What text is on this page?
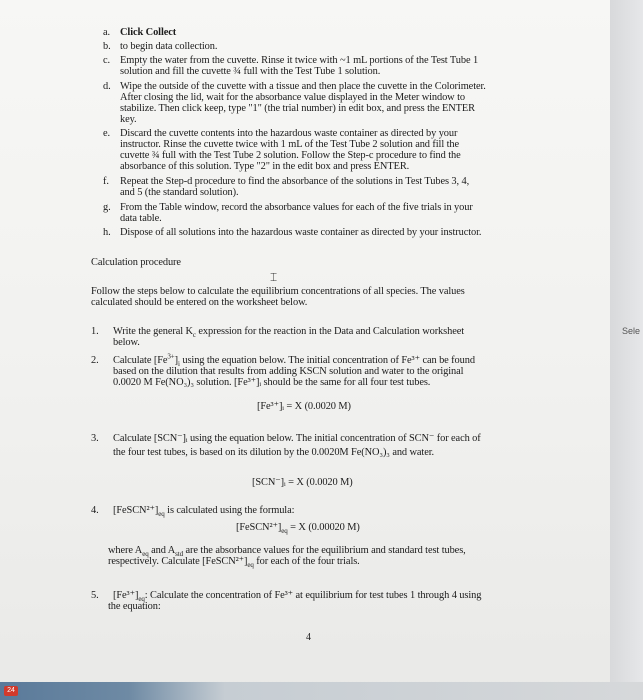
Sele
a. Click Collect
b. to begin data collection.
c. Empty the water from the cuvette. Rinse it twice with ~1 mL portions of the Test Tube 1
solution and fill the cuvette ¾ full with the Test Tube 1 solution.
d. Wipe the outside of the cuvette with a tissue and then place the cuvette in the Colorimeter.
After closing the lid, wait for the absorbance value displayed in the Meter window to
stabilize. Then click keep, type "1" (the trial number) in edit box, and press the ENTER
key.
e. Discard the cuvette contents into the hazardous waste container as directed by your
instructor. Rinse the cuvette twice with 1 mL of the Test Tube 2 solution and fill the
cuvette ¾ full with the Test Tube 2 solution. Follow the Step-c procedure to find the
absorbance of this solution. Type "2" in the edit box and press ENTER.
f. Repeat the Step-d procedure to find the absorbance of the solutions in Test Tubes 3, 4,
and 5 (the standard solution).
g. From the Table window, record the absorbance values for each of the five trials in your
data table.
h. Dispose of all solutions into the hazardous waste container as directed by your instructor.
Calculation procedure
⌶
Follow the steps below to calculate the equilibrium concentrations of all species. The values
calculated should be entered on the worksheet below.
1. Write the general $K_c$ expression for the reaction in the Data and Calculation worksheet
below.
2. Calculate $[Fe^{3+}]_i$ using the equation below. The initial concentration of Fe³⁺ can be found
based on the dilution that results from adding KSCN solution and water to the original
0.0020 M Fe(NO₃)₃ solution. [Fe³⁺]ᵢ should be the same for all four test tubes.
[Fe³⁺]ᵢ = X (0.0020 M)
3. Calculate [SCN⁻]ᵢ using the equation below. The initial concentration of SCN⁻ for each of
the four test tubes, is based on its dilution by the 0.0020M Fe(NO₃)₃ and water.
[SCN⁻]ᵢ = X (0.0020 M)
4. $[FeSCN^{2+}]_{eq}$ is calculated using the formula:
$[FeSCN^{2+}]_{eq} = X$ (0.00020 M)
where $A_{eq}$ and $A_{std}$ are the absorbance values for the equilibrium and standard test tubes,
respectively. Calculate $[FeSCN^{2+}]_{eq}$ for each of the four trials.
5. $[Fe^{3+}]_{eq}$: Calculate the concentration of Fe³⁺ at equilibrium for test tubes 1 through 4 using
the equation:
4
24
